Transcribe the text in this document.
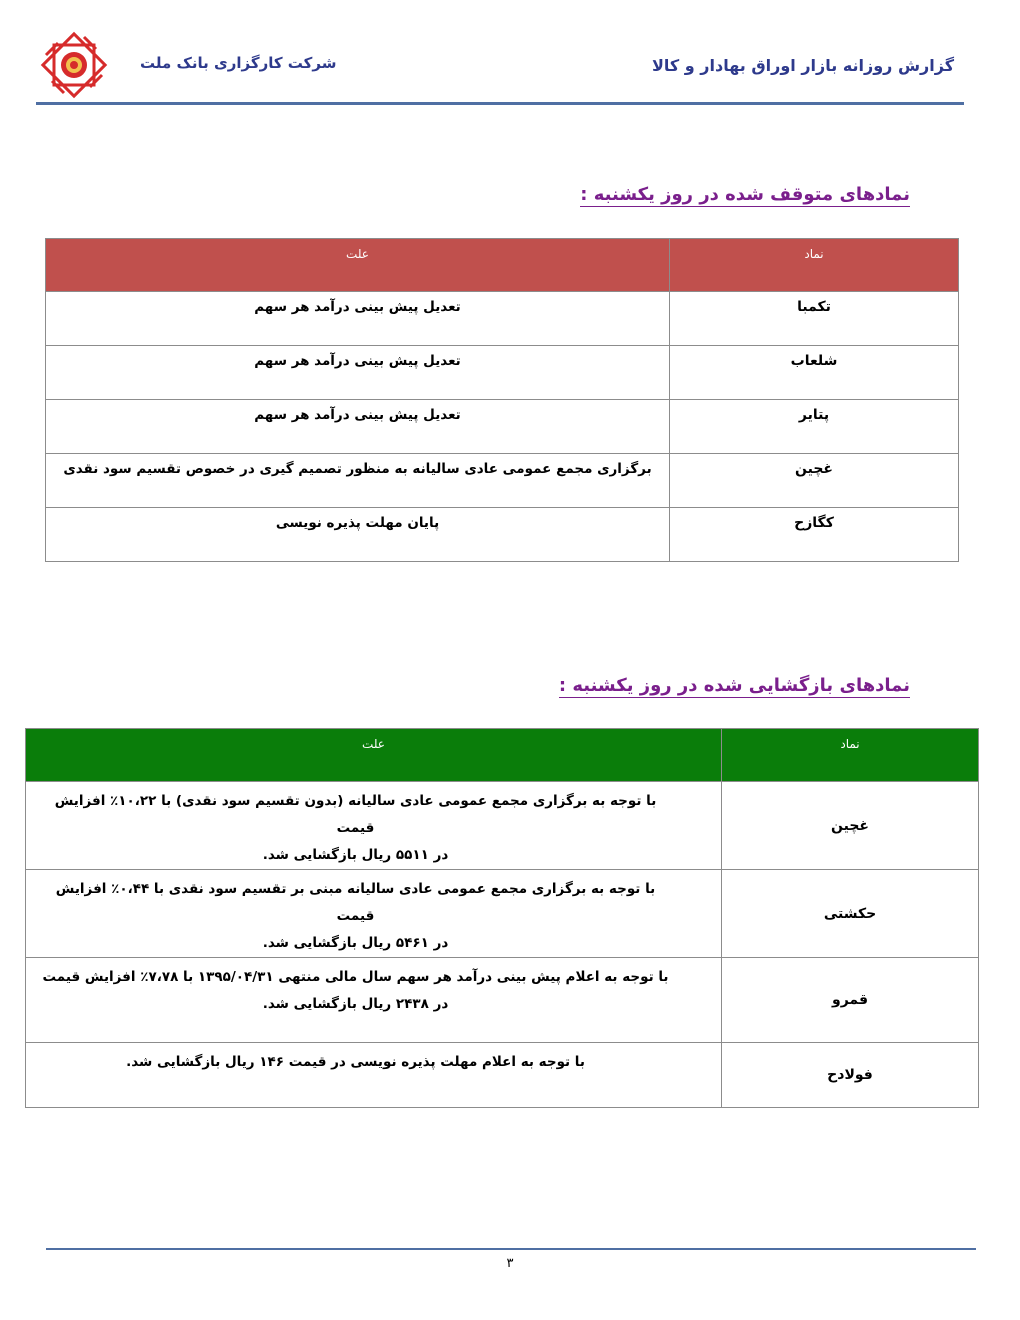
گزارش روزانه بازار اوراق بهادار و کالا
شرکت کارگزاری بانک ملت
نمادهای متوقف شده در روز یکشنبه :
نماد	علت
تکمبا	تعدیل پیش بینی درآمد هر سهم
شلعاب	تعدیل پیش بینی درآمد هر سهم
پتایر	تعدیل پیش بینی درآمد هر سهم
غچین	برگزاری مجمع عمومی عادی سالیانه به منظور تصمیم گیری در خصوص تقسیم سود نقدی
کگازح	پایان مهلت پذیره نویسی
نمادهای بازگشایی شده در روز یکشنبه :
نماد	علت
غچین	با توجه به برگزاری مجمع عمومی عادی سالیانه (بدون تقسیم سود نقدی) با ۱۰،۲۲٪ افزایش قیمت
در ۵۵۱۱ ریال بازگشایی شد.

حکشتی	با توجه به برگزاری مجمع عمومی عادی سالیانه مبنی بر تقسیم سود نقدی با ۰،۴۴٪ افزایش قیمت
در ۵۴۶۱ ریال بازگشایی شد.

قمرو	با توجه به اعلام پیش بینی درآمد هر سهم سال مالی منتهی ۱۳۹۵/۰۴/۳۱ با ۷،۷۸٪ افزایش قیمت
در ۲۴۳۸ ریال بازگشایی شد.

فولادح	با توجه به اعلام مهلت پذیره نویسی در قیمت ۱۴۶ ریال بازگشایی شد.
۳
